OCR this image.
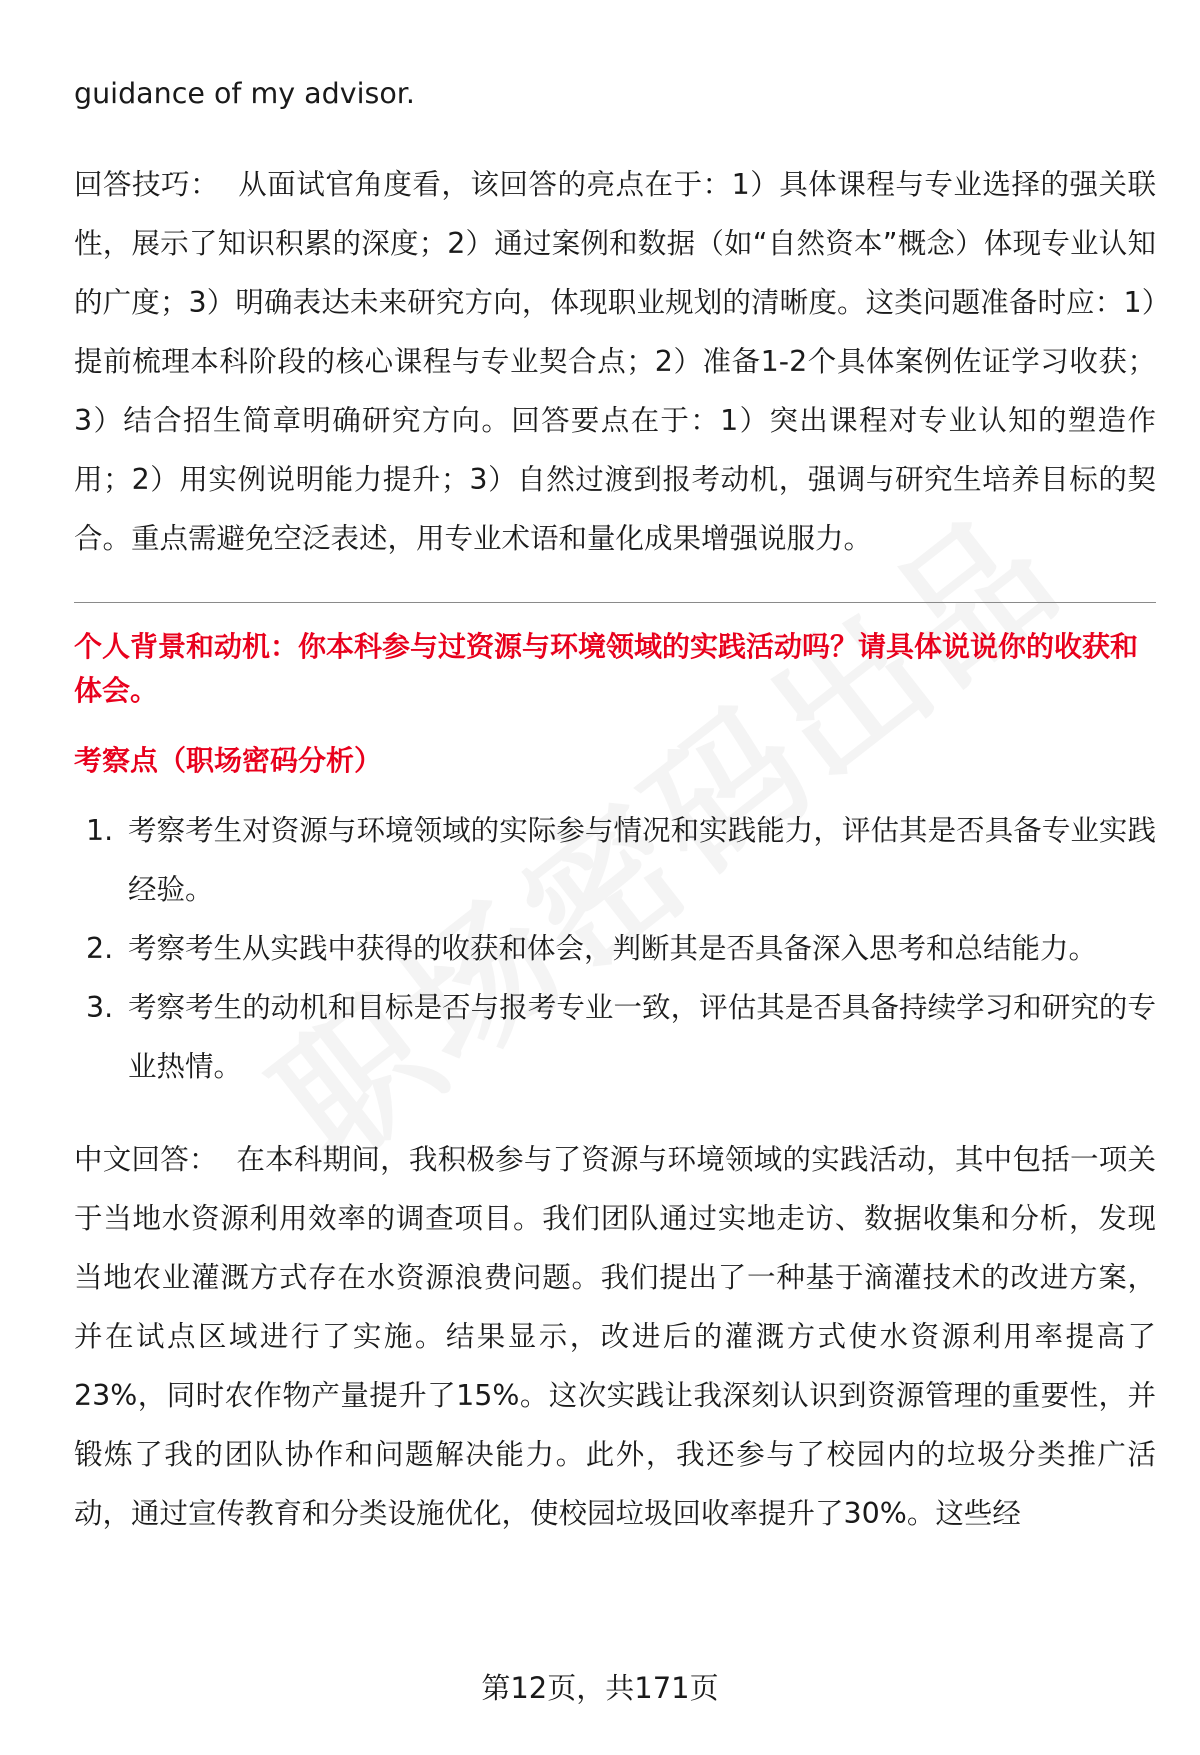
guidance of my advisor.

回答技巧： 从面试官角度看，该回答的亮点在于：1）具体课程与专业选择的强关联性，展示了知识积累的深度；2）通过案例和数据（如“自然资本”概念）体现专业认知的广度；3）明确表达未来研究方向，体现职业规划的清晰度。这类问题准备时应：1）提前梳理本科阶段的核心课程与专业契合点；2）准备1-2个具体案例佐证学习收获；3）结合招生简章明确研究方向。回答要点在于：1）突出课程对专业认知的塑造作用；2）用实例说明能力提升；3）自然过渡到报考动机，强调与研究生培养目标的契合。重点需避免空泛表述，用专业术语和量化成果增强说服力。

个人背景和动机：你本科参与过资源与环境领域的实践活动吗？请具体说说你的收获和体会。

考察点（职场密码分析）

1. 考察考生对资源与环境领域的实际参与情况和实践能力，评估其是否具备专业实践经验。
2. 考察考生从实践中获得的收获和体会，判断其是否具备深入思考和总结能力。
3. 考察考生的动机和目标是否与报考专业一致，评估其是否具备持续学习和研究的专业热情。

中文回答： 在本科期间，我积极参与了资源与环境领域的实践活动，其中包括一项关于当地水资源利用效率的调查项目。我们团队通过实地走访、数据收集和分析，发现当地农业灌溉方式存在水资源浪费问题。我们提出了一种基于滴灌技术的改进方案，并在试点区域进行了实施。结果显示，改进后的灌溉方式使水资源利用率提高了23%，同时农作物产量提升了15%。这次实践让我深刻认识到资源管理的重要性，并锻炼了我的团队协作和问题解决能力。此外，我还参与了校园内的垃圾分类推广活动，通过宣传教育和分类设施优化，使校园垃圾回收率提升了30%。这些经

第12页，共171页
